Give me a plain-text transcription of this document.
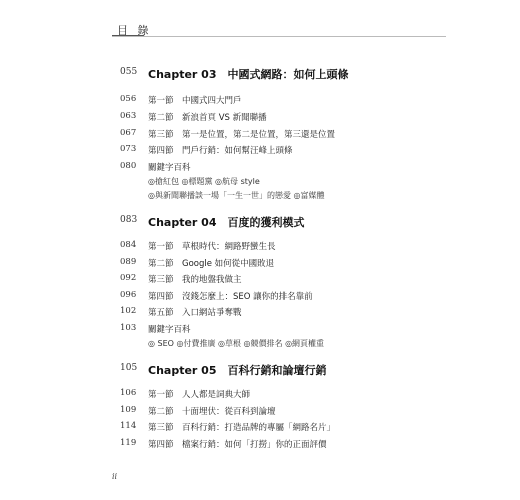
目 錄
055 Chapter 03　中國式網路：如何上頭條
056 第一節　中國式四大門戶
063 第二節　新浪首頁 VS 新聞聯播
067 第三節　第一是位置，第二是位置，第三還是位置
073 第四節　門戶行銷：如何幫汪峰上頭條
080 關鍵字百科
◎搶紅包 ◎標題黨 ◎航母 style
◎與新聞聯播談一場「一生一世」的戀愛 ◎富媒體
083 Chapter 04　百度的獲利模式
084 第一節　草根時代：網路野蠻生長
089 第二節　Google 如何從中國敗退
092 第三節　我的地盤我做主
096 第四節　沒錢怎麼上：SEO 讓你的排名靠前
102 第五節　入口網站爭奪戰
103 關鍵字百科
◎ SEO ◎付費推廣 ◎草根 ◎競價排名 ◎網頁權重
105 Chapter 05　百科行銷和論壇行銷
106 第一節　人人都是詞典大師
109 第二節　十面埋伏：從百科到論壇
114 第三節　百科行銷：打造品牌的專屬「網路名片」
119 第四節　檔案行銷：如何「打撈」你的正面評價
ii
